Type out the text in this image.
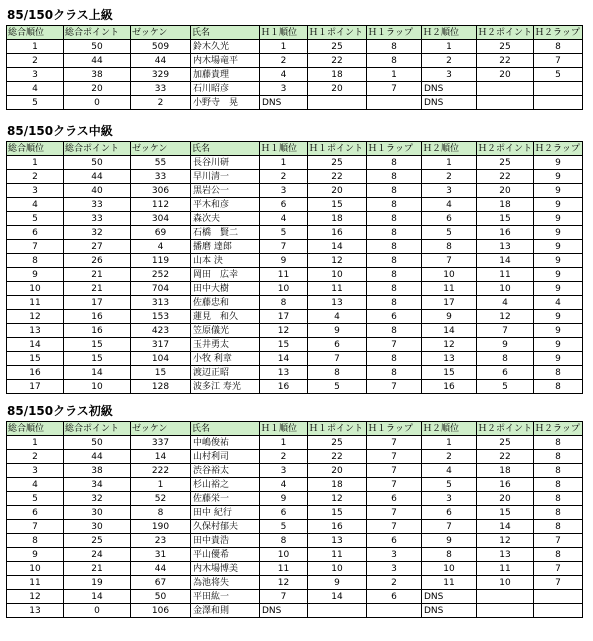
85/150クラス上級
総合順位	総合ポイント	ゼッケン	氏名	Ｈ１順位	Ｈ１ポイント	Ｈ１ラップ	Ｈ２順位	Ｈ２ポイント	Ｈ２ラップ
1	50	509	鈴木久光	1	25	8	1	25	8
2	44	44	内木場竜平	2	22	8	2	22	7
3	38	329	加藤貴理	4	18	1	3	20	5
4	20	33	石川昭彦	3	20	7	DNS		
5	0	2	小野寺　晃	DNS			DNS		
85/150クラス中級
総合順位	総合ポイント	ゼッケン	氏名	Ｈ１順位	Ｈ１ポイント	Ｈ１ラップ	Ｈ２順位	Ｈ２ポイント	Ｈ２ラップ
1	50	55	長谷川研	1	25	8	1	25	9
2	44	33	早川清一	2	22	8	2	22	9
3	40	306	黒岩公一	3	20	8	3	20	9
4	33	112	平木和彦	6	15	8	4	18	9
5	33	304	森次夫	4	18	8	6	15	9
6	32	69	石橋　賢二	5	16	8	5	16	9
7	27	4	播磨 達郎	7	14	8	8	13	9
8	26	119	山本 決	9	12	8	7	14	9
9	21	252	岡田　広幸	11	10	8	10	11	9
10	21	704	田中大樹	10	11	8	11	10	9
11	17	313	佐藤忠和	8	13	8	17	4	4
12	16	153	蓮見　和久	17	4	6	9	12	9
13	16	423	笠原儀光	12	9	8	14	7	9
14	15	317	玉井勇太	15	6	7	12	9	9
15	15	104	小牧 利章	14	7	8	13	8	9
16	14	15	渡辺正昭	13	8	8	15	6	8
17	10	128	波多江 寿光	16	5	7	16	5	8
85/150クラス初級
総合順位	総合ポイント	ゼッケン	氏名	Ｈ１順位	Ｈ１ポイント	Ｈ１ラップ	Ｈ２順位	Ｈ２ポイント	Ｈ２ラップ
1	50	337	中嶋俊祐	1	25	7	1	25	8
2	44	14	山村利司	2	22	7	2	22	8
3	38	222	渋谷裕太	3	20	7	4	18	8
4	34	1	杉山裕之	4	18	7	5	16	8
5	32	52	佐藤栄一	9	12	6	3	20	8
6	30	8	田中 紀行	6	15	7	6	15	8
7	30	190	久保村郁夫	5	16	7	7	14	8
8	25	23	田中貴浩	8	13	6	9	12	7
9	24	31	平山優希	10	11	3	8	13	8
10	21	44	内木場博美	11	10	3	10	11	7
11	19	67	為池将失	12	9	2	11	10	7
12	14	50	平田紘一	7	14	6	DNS		
13	0	106	金澤和則	DNS			DNS		
